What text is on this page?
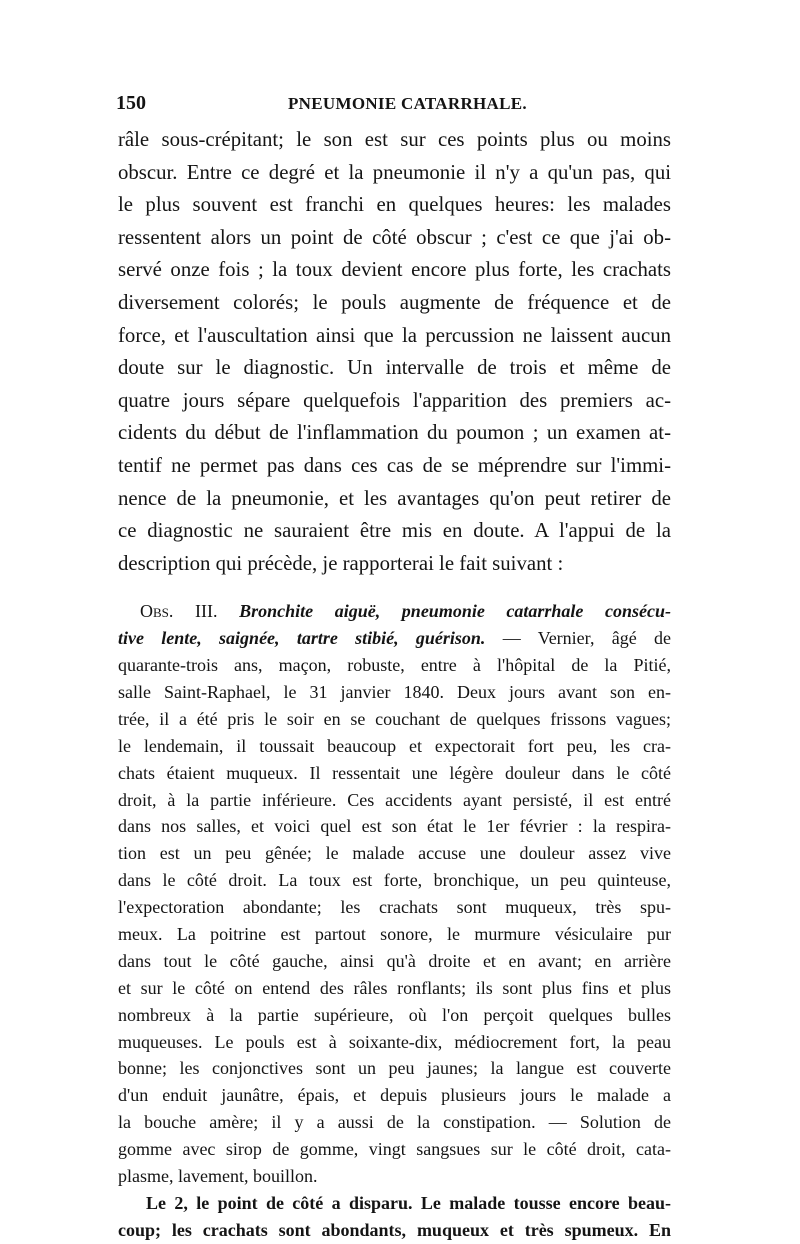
150	PNEUMONIE CATARRHALE.
râle sous-crépitant; le son est sur ces points plus ou moins
obscur. Entre ce degré et la pneumonie il n'y a qu'un pas, qui
le plus souvent est franchi en quelques heures: les malades
ressentent alors un point de côté obscur ; c'est ce que j'ai ob-
servé onze fois ; la toux devient encore plus forte, les crachats
diversement colorés; le pouls augmente de fréquence et de
force, et l'auscultation ainsi que la percussion ne laissent aucun
doute sur le diagnostic. Un intervalle de trois et même de
quatre jours sépare quelquefois l'apparition des premiers ac-
cidents du début de l'inflammation du poumon ; un examen at-
tentif ne permet pas dans ces cas de se méprendre sur l'immi-
nence de la pneumonie, et les avantages qu'on peut retirer de
ce diagnostic ne sauraient être mis en doute. A l'appui de la
description qui précède, je rapporterai le fait suivant :
Obs. III. Bronchite aiguë, pneumonie catarrhale consécu-
tive lente, saignée, tartre stibié, guérison. — Vernier, âgé de
quarante-trois ans, maçon, robuste, entre à l'hôpital de la Pitié,
salle Saint-Raphael, le 31 janvier 1840. Deux jours avant son en-
trée, il a été pris le soir en se couchant de quelques frissons vagues;
le lendemain, il toussait beaucoup et expectorait fort peu, les cra-
chats étaient muqueux. Il ressentait une légère douleur dans le côté
droit, à la partie inférieure. Ces accidents ayant persisté, il est entré
dans nos salles, et voici quel est son état le 1er février : la respira-
tion est un peu gênée; le malade accuse une douleur assez vive
dans le côté droit. La toux est forte, bronchique, un peu quinteuse,
l'expectoration abondante; les crachats sont muqueux, très spu-
meux. La poitrine est partout sonore, le murmure vésiculaire pur
dans tout le côté gauche, ainsi qu'à droite et en avant; en arrière
et sur le côté on entend des râles ronflants; ils sont plus fins et plus
nombreux à la partie supérieure, où l'on perçoit quelques bulles
muqueuses. Le pouls est à soixante-dix, médiocrement fort, la peau
bonne; les conjonctives sont un peu jaunes; la langue est couverte
d'un enduit jaunâtre, épais, et depuis plusieurs jours le malade a
la bouche amère; il y a aussi de la constipation. — Solution de
gomme avec sirop de gomme, vingt sangsues sur le côté droit, cata-
plasme, lavement, bouillon.
Le 2, le point de côté a disparu. Le malade tousse encore beau-
coup; les crachats sont abondants, muqueux et très spumeux. En
